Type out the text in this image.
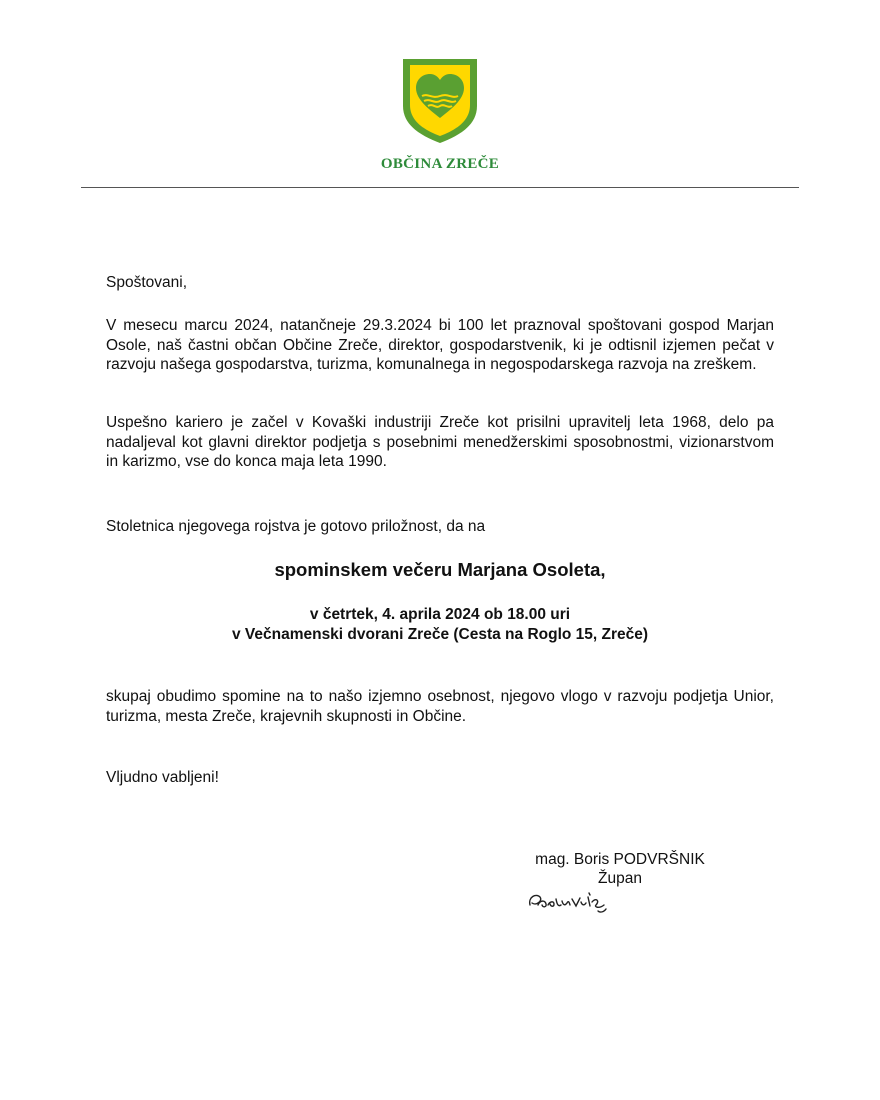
OBČINA ZREČE
Spoštovani,
V mesecu marcu 2024, natančneje 29.3.2024 bi 100 let praznoval spoštovani gospod Marjan Osole, naš častni občan Občine Zreče, direktor, gospodarstvenik, ki je odtisnil izjemen pečat v razvoju našega gospodarstva, turizma, komunalnega in negospodarskega razvoja na zreškem.
Uspešno kariero je začel v Kovaški industriji Zreče kot prisilni upravitelj leta 1968, delo pa nadaljeval kot glavni direktor podjetja s posebnimi menedžerskimi sposobnostmi, vizionarstvom in karizmo, vse do konca maja leta 1990.
Stoletnica njegovega rojstva je gotovo priložnost, da na
spominskem večeru Marjana Osoleta,
v četrtek, 4. aprila 2024 ob 18.00 uri
v Večnamenski dvorani Zreče (Cesta na Roglo 15, Zreče)
skupaj obudimo spomine na to našo izjemno osebnost, njegovo vlogo v razvoju podjetja Unior, turizma, mesta Zreče, krajevnih skupnosti in Občine.
Vljudno vabljeni!
mag. Boris PODVRŠNIK
Župan
